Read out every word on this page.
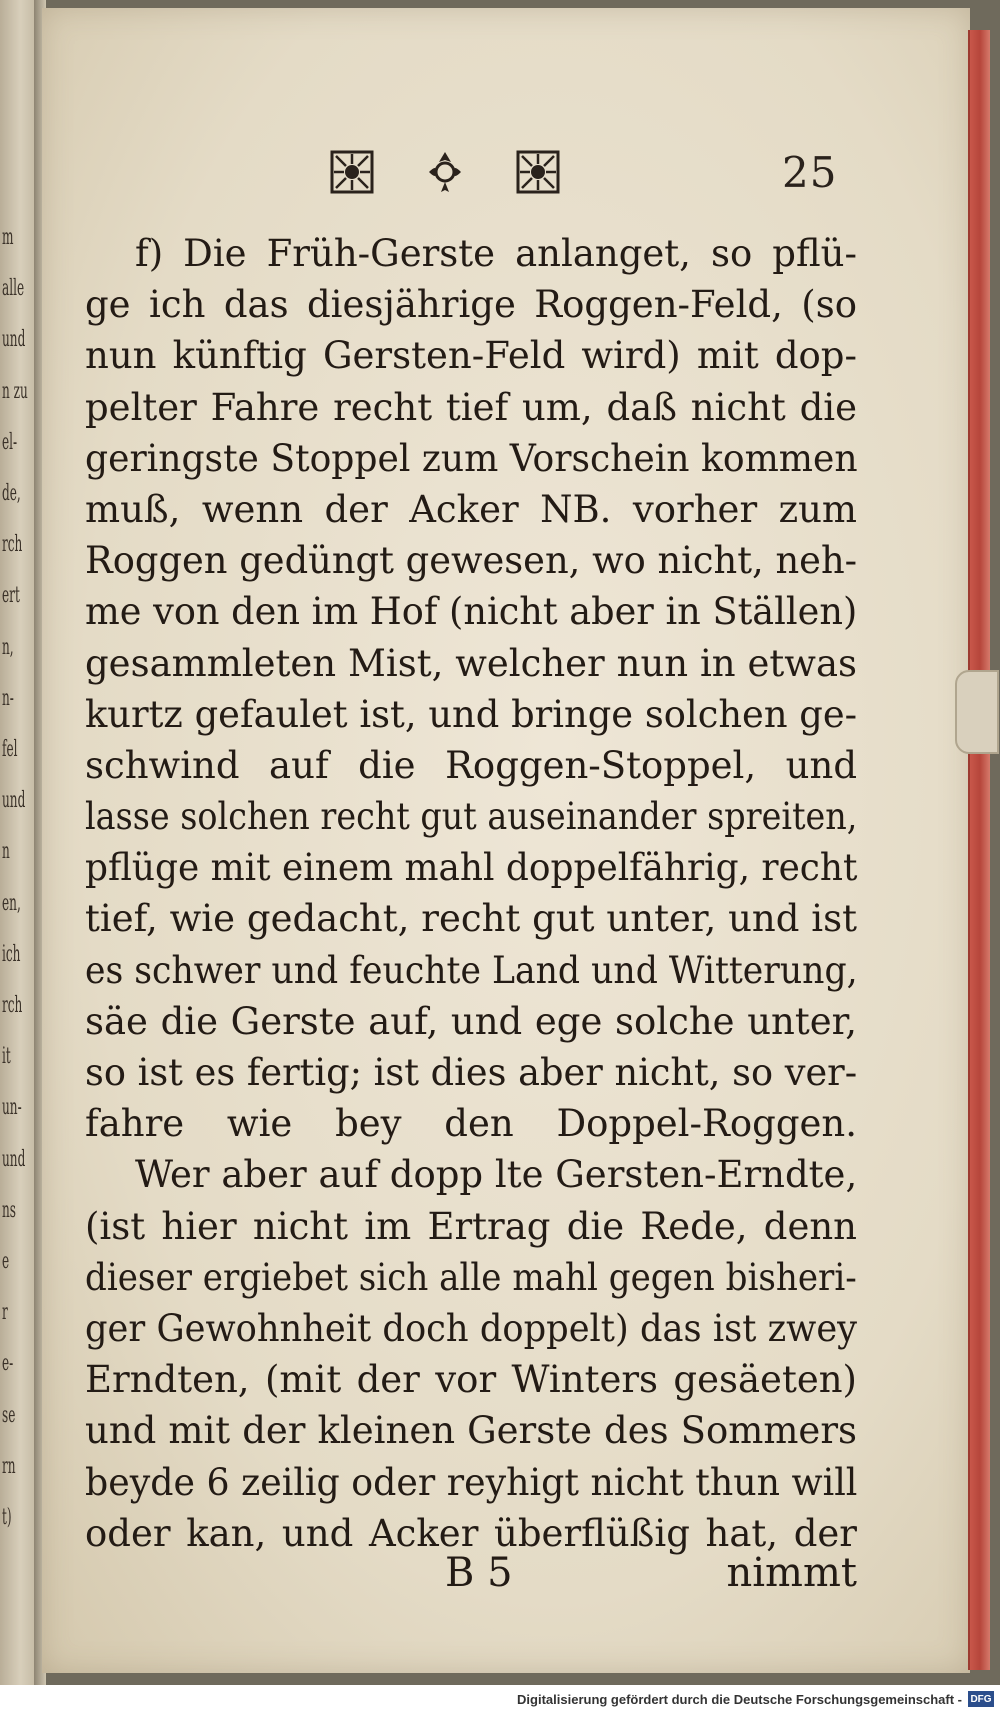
m
alle
und
n zu
el-
de,
rch
ert
n,
n-
fel
und
n
en,
ich
rch
it
un-
und
ns
e
r
e-
se
rn
t)
25
f) Die Früh-Gerste anlanget, so pflü-
ge ich das diesjährige Roggen-Feld, (so
nun künftig Gersten-Feld wird) mit dop-
pelter Fahre recht tief um, daß nicht die
geringste Stoppel zum Vorschein kommen
muß, wenn der Acker NB. vorher zum
Roggen gedüngt gewesen, wo nicht, neh-
me von den im Hof (nicht aber in Ställen)
gesammleten Mist, welcher nun in etwas
kurtz gefaulet ist, und bringe solchen ge-
schwind auf die Roggen-Stoppel, und
lasse solchen recht gut auseinander spreiten,
pflüge mit einem mahl doppelfährig, recht
tief, wie gedacht, recht gut unter, und ist
es schwer und feuchte Land und Witterung,
säe die Gerste auf, und ege solche unter,
so ist es fertig; ist dies aber nicht, so ver-
fahre wie bey den Doppel-Roggen.
Wer aber auf dopp lte Gersten-Erndte,
(ist hier nicht im Ertrag die Rede, denn
dieser ergiebet sich alle mahl gegen bisheri-
ger Gewohnheit doch doppelt) das ist zwey
Erndten, (mit der vor Winters gesäeten)
und mit der kleinen Gerste des Sommers
beyde 6 zeilig oder reyhigt nicht thun will
oder kan, und Acker überflüßig hat, der
B 5	nimmt
Digitalisierung gefördert durch die Deutsche Forschungsgemeinschaft - DFG
